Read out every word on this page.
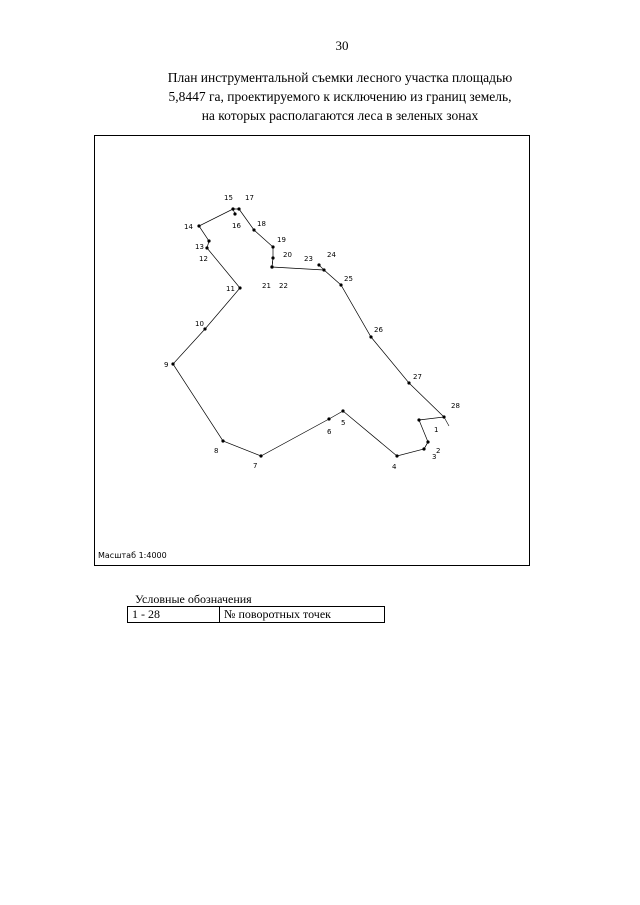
30
План инструментальной съемки лесного участка площадью
5,8447 га, проектируемого к исключению из границ земель,
на которых располагаются леса в зеленых зонах
1
2
3
4
5
6
7
8
9
10
11
12
13
14
15
16
17
18
19
20
21 22
23 24
25
26
27
28
Масштаб 1:4000
Условные обозначения
1 - 28	№ поворотных точек
